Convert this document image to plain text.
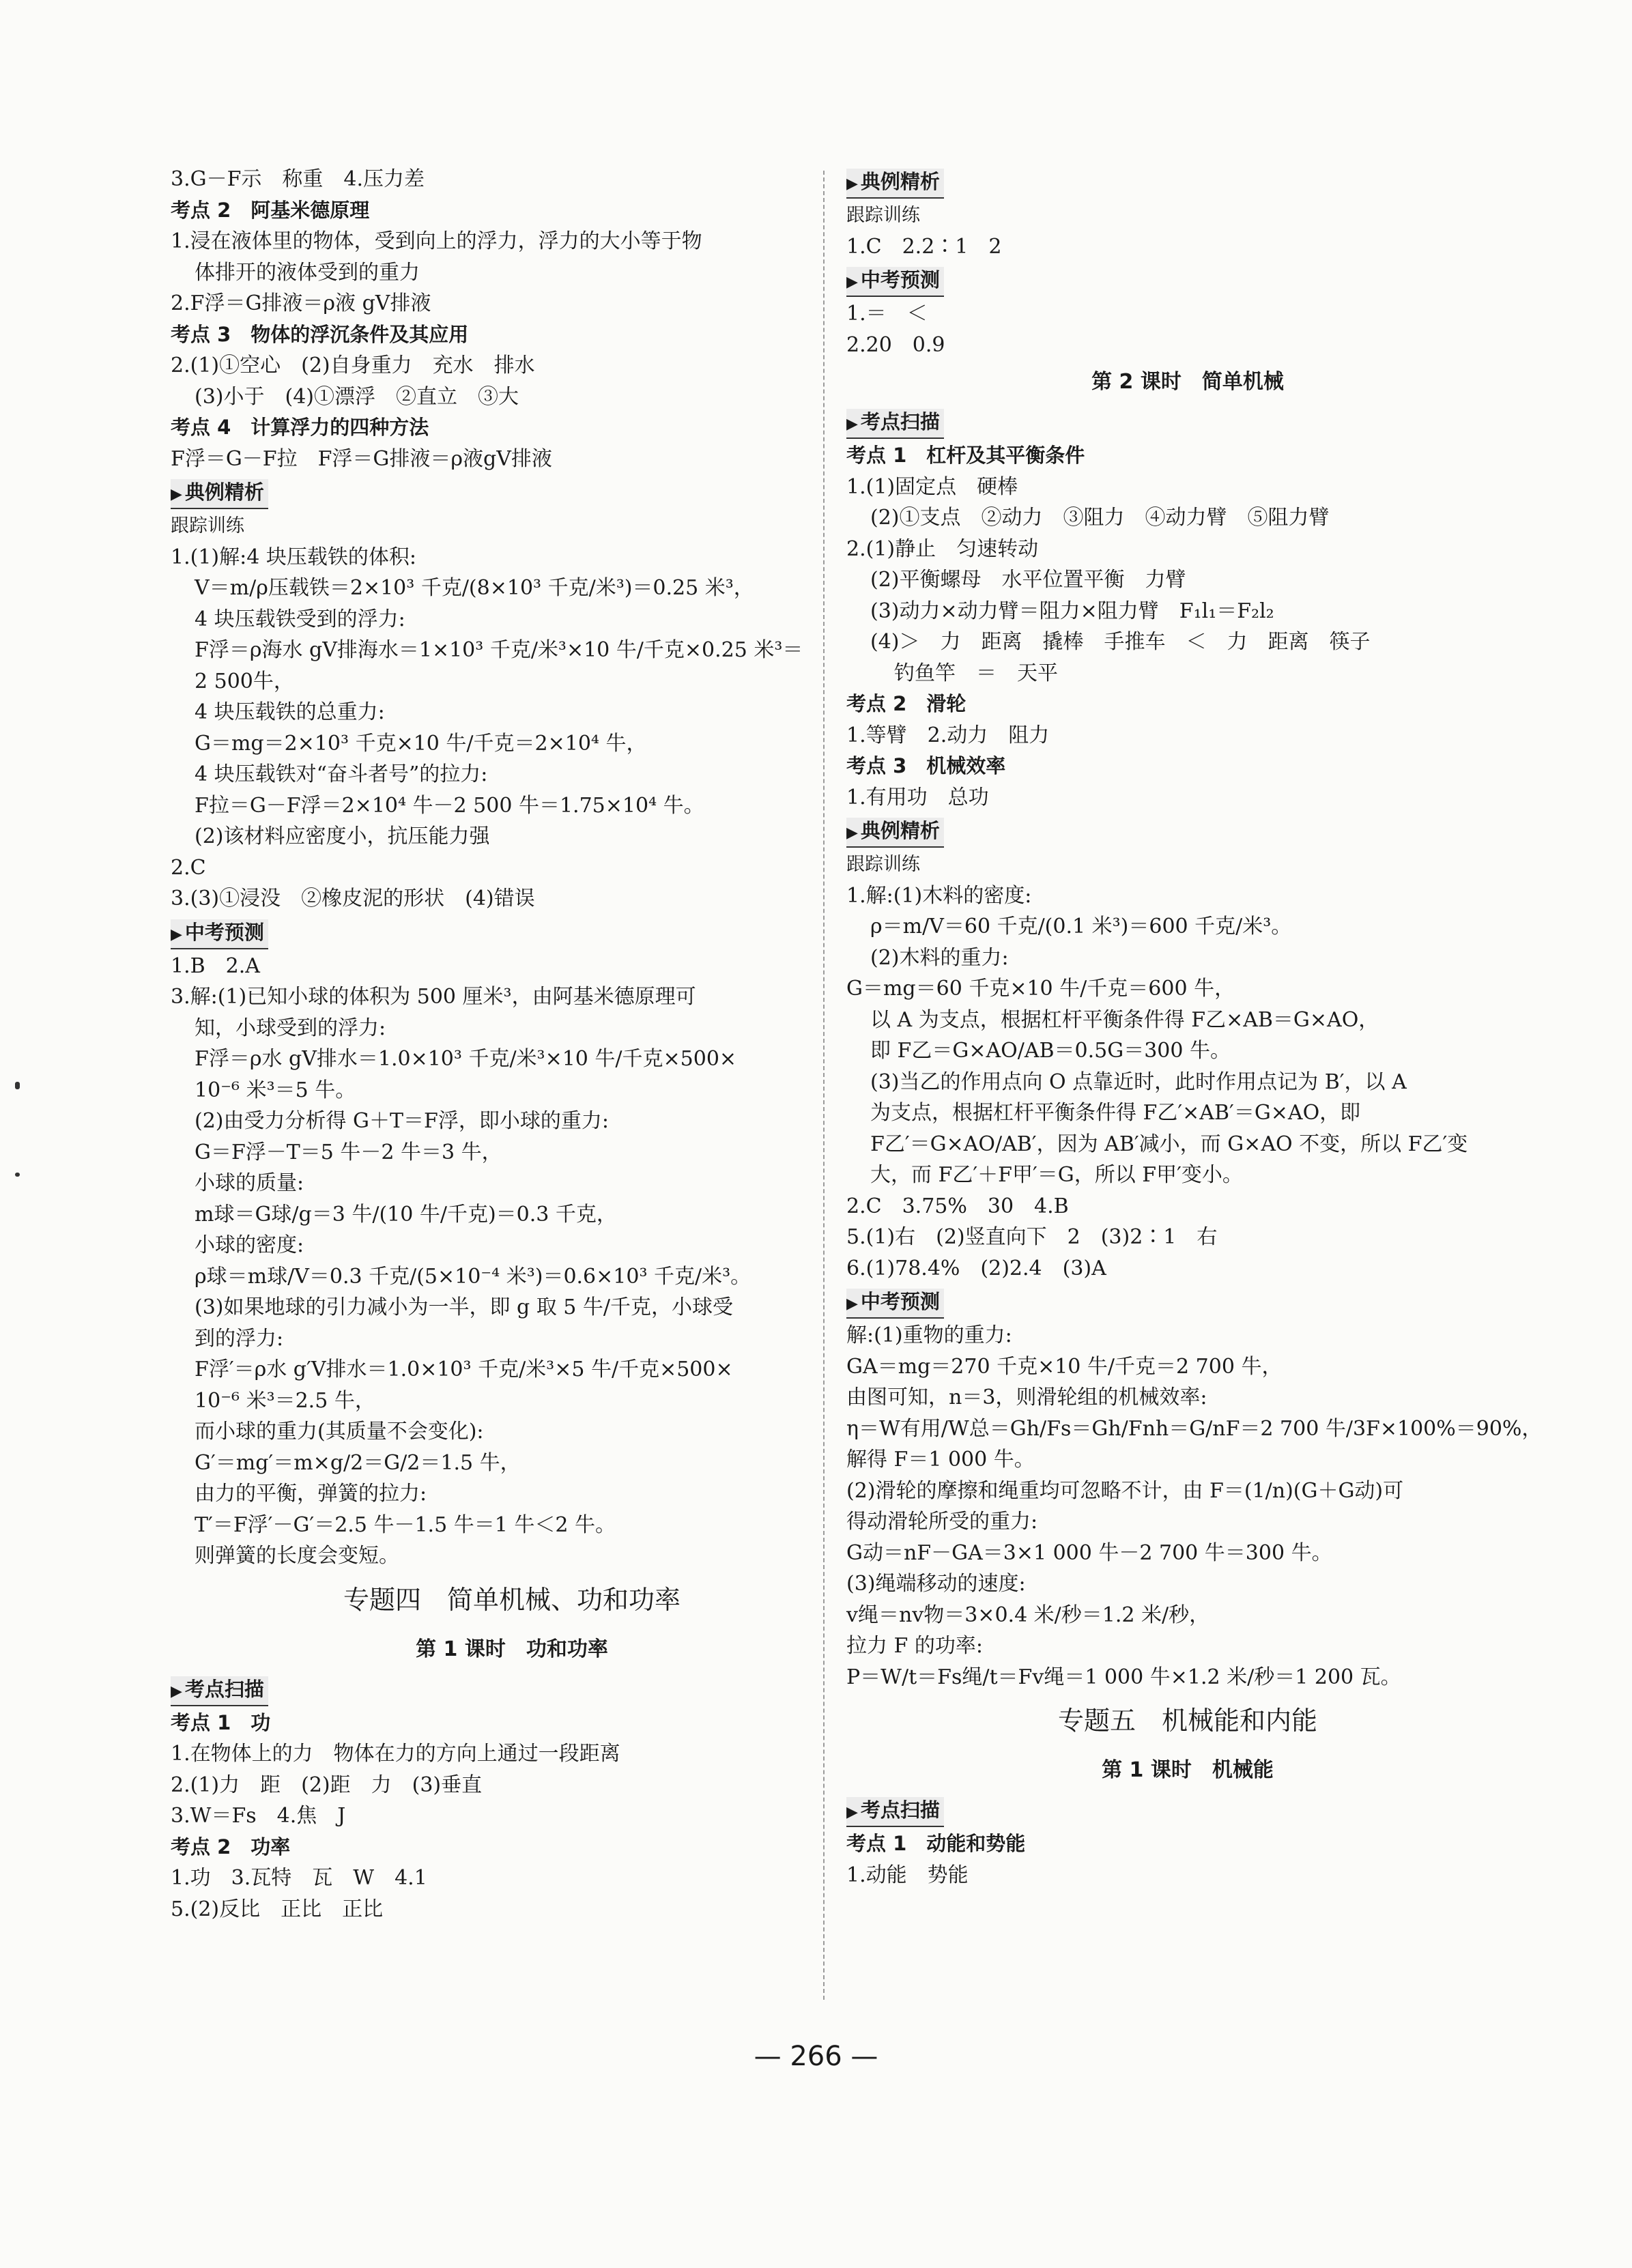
3.G－F示　称重　4.压力差
考点 2　阿基米德原理
1.浸在液体里的物体，受到向上的浮力，浮力的大小等于物
体排开的液体受到的重力
2.F浮＝G排液＝ρ液 gV排液
考点 3　物体的浮沉条件及其应用
2.(1)①空心　(2)自身重力　充水　排水
(3)小于　(4)①漂浮　②直立　③大
考点 4　计算浮力的四种方法
F浮＝G－F拉　F浮＝G排液＝ρ液gV排液
▶ 典例精析
跟踪训练
1.(1)解:4 块压载铁的体积:
V＝m/ρ压载铁＝2×10³ 千克/(8×10³ 千克/米³)＝0.25 米³，
4 块压载铁受到的浮力:
F浮＝ρ海水 gV排海水＝1×10³ 千克/米³×10 牛/千克×0.25 米³＝
2 500牛，
4 块压载铁的总重力:
G＝mg＝2×10³ 千克×10 牛/千克＝2×10⁴ 牛，
4 块压载铁对“奋斗者号”的拉力:
F拉＝G－F浮＝2×10⁴ 牛－2 500 牛＝1.75×10⁴ 牛。
(2)该材料应密度小，抗压能力强
2.C
3.(3)①浸没　②橡皮泥的形状　(4)错误
▶ 中考预测
1.B　2.A
3.解:(1)已知小球的体积为 500 厘米³，由阿基米德原理可
知，小球受到的浮力:
F浮＝ρ水 gV排水＝1.0×10³ 千克/米³×10 牛/千克×500×
10⁻⁶ 米³＝5 牛。
(2)由受力分析得 G＋T＝F浮，即小球的重力:
G＝F浮－T＝5 牛－2 牛＝3 牛，
小球的质量:
m球＝G球/g＝3 牛/(10 牛/千克)＝0.3 千克，
小球的密度:
ρ球＝m球/V＝0.3 千克/(5×10⁻⁴ 米³)＝0.6×10³ 千克/米³。
(3)如果地球的引力减小为一半，即 g 取 5 牛/千克，小球受
到的浮力:
F浮′＝ρ水 g′V排水＝1.0×10³ 千克/米³×5 牛/千克×500×
10⁻⁶ 米³＝2.5 牛，
而小球的重力(其质量不会变化):
G′＝mg′＝m×g/2＝G/2＝1.5 牛，
由力的平衡，弹簧的拉力:
T′＝F浮′－G′＝2.5 牛－1.5 牛＝1 牛＜2 牛。
则弹簧的长度会变短。
专题四　简单机械、功和功率
第 1 课时　功和功率
▶ 考点扫描
考点 1　功
1.在物体上的力　物体在力的方向上通过一段距离
2.(1)力　距　(2)距　力　(3)垂直
3.W＝Fs　4.焦　J
考点 2　功率
1.功　3.瓦特　瓦　W　4.1
5.(2)反比　正比　正比
▶ 典例精析
跟踪训练
1.C　2.2∶1　2
▶ 中考预测
1.＝　＜
2.20　0.9
第 2 课时　简单机械
▶ 考点扫描
考点 1　杠杆及其平衡条件
1.(1)固定点　硬棒
(2)①支点　②动力　③阻力　④动力臂　⑤阻力臂
2.(1)静止　匀速转动
(2)平衡螺母　水平位置平衡　力臂
(3)动力×动力臂＝阻力×阻力臂　F₁l₁＝F₂l₂
(4)＞　力　距离　撬棒　手推车　＜　力　距离　筷子
钓鱼竿　＝　天平
考点 2　滑轮
1.等臂　2.动力　阻力
考点 3　机械效率
1.有用功　总功
▶ 典例精析
跟踪训练
1.解:(1)木料的密度:
ρ＝m/V＝60 千克/(0.1 米³)＝600 千克/米³。
(2)木料的重力:
G＝mg＝60 千克×10 牛/千克＝600 牛，
以 A 为支点，根据杠杆平衡条件得 F乙×AB＝G×AO，
即 F乙＝G×AO/AB＝0.5G＝300 牛。
(3)当乙的作用点向 O 点靠近时，此时作用点记为 B′，以 A
为支点，根据杠杆平衡条件得 F乙′×AB′＝G×AO，即
F乙′＝G×AO/AB′，因为 AB′减小，而 G×AO 不变，所以 F乙′变
大，而 F乙′＋F甲′＝G，所以 F甲′变小。
2.C　3.75%　30　4.B
5.(1)右　(2)竖直向下　2　(3)2∶1　右
6.(1)78.4%　(2)2.4　(3)A
▶ 中考预测
解:(1)重物的重力:
GA＝mg＝270 千克×10 牛/千克＝2 700 牛，
由图可知，n＝3，则滑轮组的机械效率:
η＝W有用/W总＝Gh/Fs＝Gh/Fnh＝G/nF＝2 700 牛/3F×100%＝90%，
解得 F＝1 000 牛。
(2)滑轮的摩擦和绳重均可忽略不计，由 F＝(1/n)(G＋G动)可
得动滑轮所受的重力:
G动＝nF－GA＝3×1 000 牛－2 700 牛＝300 牛。
(3)绳端移动的速度:
v绳＝nv物＝3×0.4 米/秒＝1.2 米/秒，
拉力 F 的功率:
P＝W/t＝Fs绳/t＝Fv绳＝1 000 牛×1.2 米/秒＝1 200 瓦。
专题五　机械能和内能
第 1 课时　机械能
▶ 考点扫描
考点 1　动能和势能
1.动能　势能
— 266 —
